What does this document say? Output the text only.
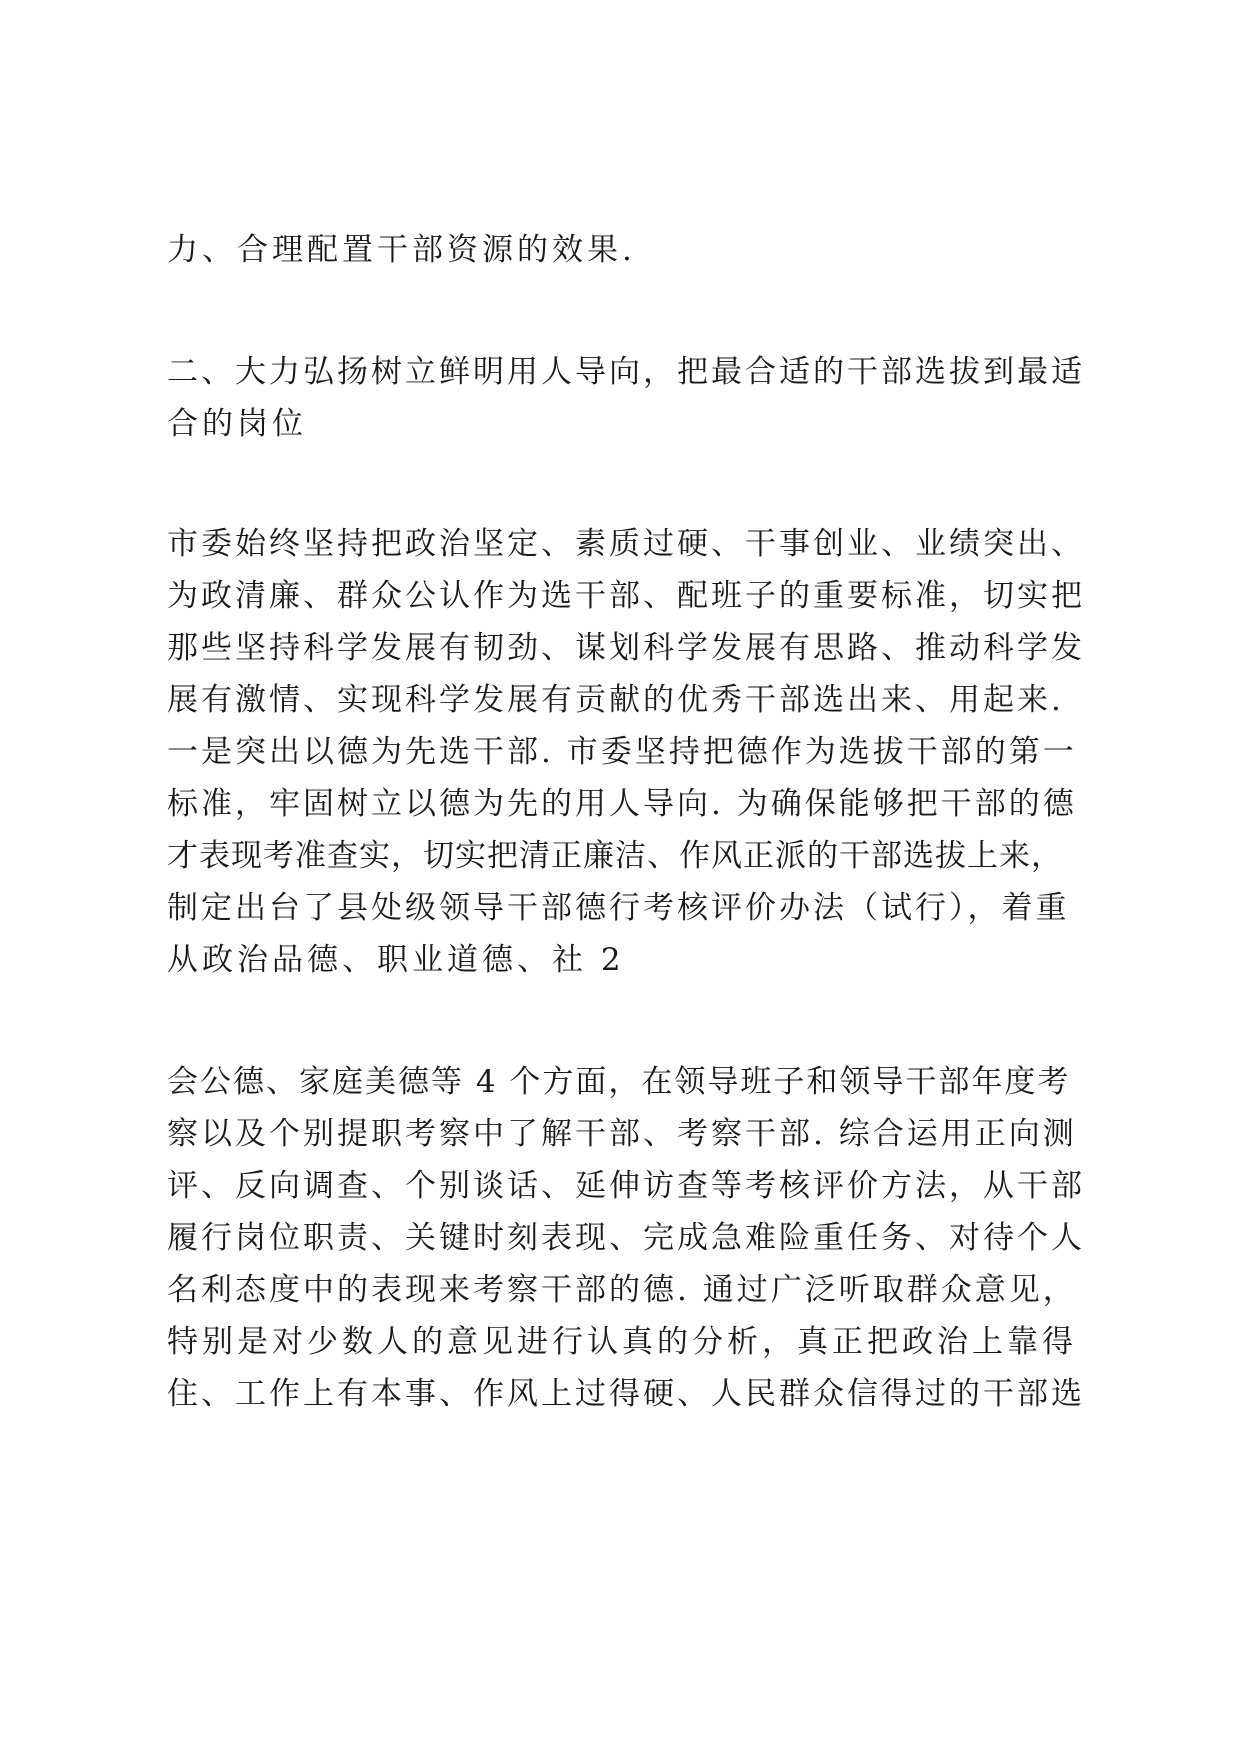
力、合理配置干部资源的效果.
二、大力弘扬树立鲜明用人导向，把最合适的干部选拔到最适
合的岗位
市委始终坚持把政治坚定、素质过硬、干事创业、业绩突出、
为政清廉、群众公认作为选干部、配班子的重要标准，切实把
那些坚持科学发展有韧劲、谋划科学发展有思路、推动科学发
展有激情、实现科学发展有贡献的优秀干部选出来、用起来.
一是突出以德为先选干部. 市委坚持把德作为选拔干部的第一
标准，牢固树立以德为先的用人导向. 为确保能够把干部的德
才表现考准查实，切实把清正廉洁、作风正派的干部选拔上来，
制定出台了县处级领导干部德行考核评价办法（试行），着重
从政治品德、职业道德、社 2
会公德、家庭美德等 4 个方面，在领导班子和领导干部年度考
察以及个别提职考察中了解干部、考察干部. 综合运用正向测
评、反向调查、个别谈话、延伸访查等考核评价方法，从干部
履行岗位职责、关键时刻表现、完成急难险重任务、对待个人
名利态度中的表现来考察干部的德. 通过广泛听取群众意见，
特别是对少数人的意见进行认真的分析，真正把政治上靠得
住、工作上有本事、作风上过得硬、人民群众信得过的干部选
